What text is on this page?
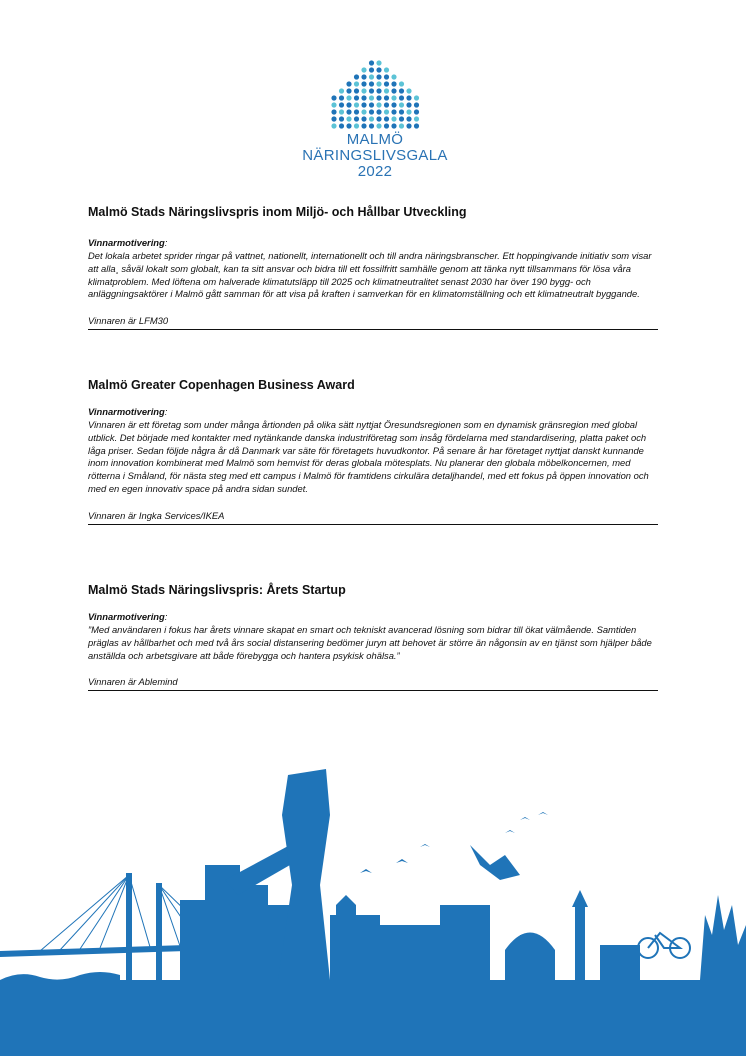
MALMÖ
NÄRINGSLIVSGALA
2022
Malmö Stads Näringslivspris inom Miljö- och Hållbar Utveckling
Vinnarmotivering:
Det lokala arbetet sprider ringar på vattnet, nationellt, internationellt och till andra näringsbranscher. Ett hoppingivande initiativ som visar att alla¸ såväl lokalt som globalt, kan ta sitt ansvar och bidra till ett fossilfritt samhälle genom att tänka nytt tillsammans för lösa våra klimatproblem. Med löftena om halverade klimatutsläpp till 2025 och klimatneutralitet senast 2030 har över 190 bygg- och anläggningsaktörer i Malmö gått samman för att visa på kraften i samverkan för en klimatomställning och ett klimatneutralt byggande.
Vinnaren är LFM30
Malmö Greater Copenhagen Business Award
Vinnarmotivering:
Vinnaren är ett företag som under många årtionden på olika sätt nyttjat Öresundsregionen som en dynamisk gränsregion med global utblick. Det började med kontakter med nytänkande danska industriföretag som insåg fördelarna med standardisering, platta paket och låga priser. Sedan följde några år då Danmark var säte för företagets huvudkontor. På senare år har företaget nyttjat danskt kunnande inom innovation kombinerat med Malmö som hemvist för deras globala mötesplats. Nu planerar den globala möbelkoncernen, med rötterna i Småland, för nästa steg med ett campus i Malmö för framtidens cirkulära detaljhandel, med ett fokus på öppen innovation och med en egen innovativ space på andra sidan sundet.
Vinnaren är Ingka Services/IKEA
Malmö Stads Näringslivspris: Årets Startup
Vinnarmotivering:
”Med användaren i fokus har årets vinnare skapat en smart och tekniskt avancerad lösning som bidrar till ökat välmående. Samtiden präglas av hållbarhet och med två års social distansering bedömer juryn att behovet är större än någonsin av en tjänst som hjälper både anställda och arbetsgivare att både förebygga och hantera psykisk ohälsa.”
Vinnaren är Ablemind
